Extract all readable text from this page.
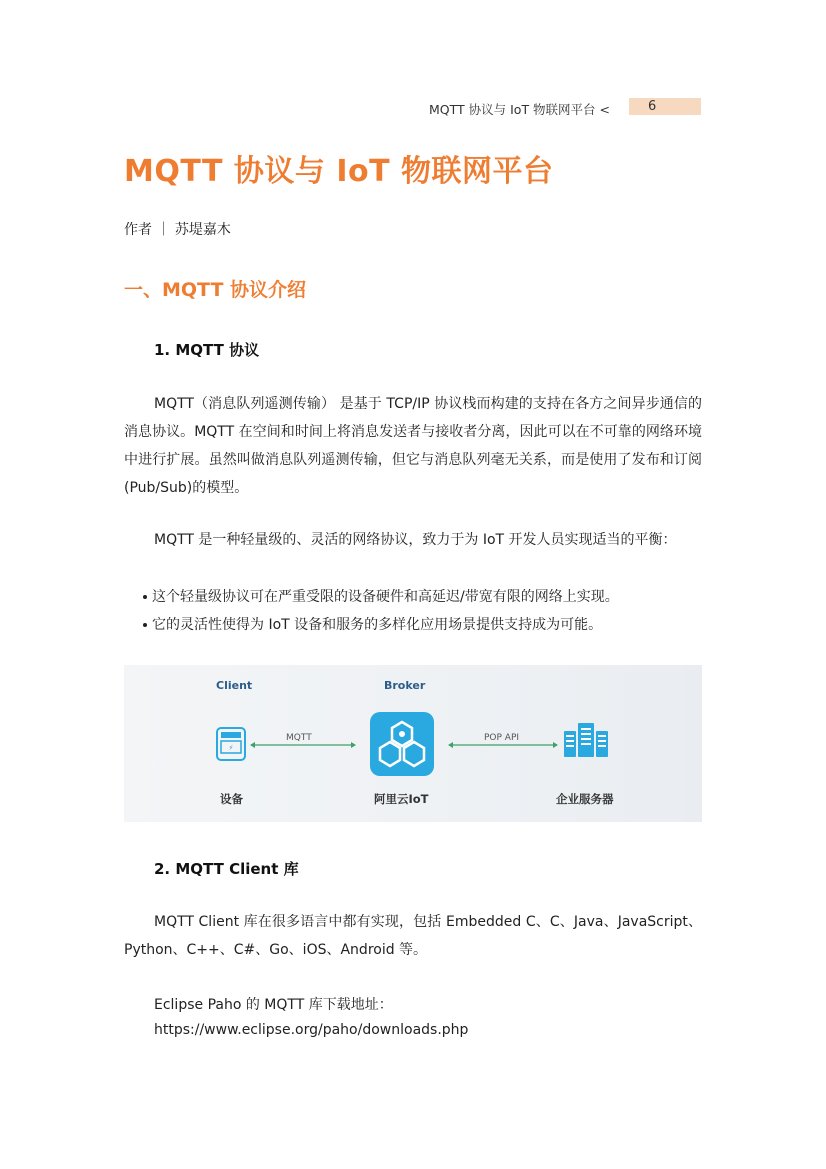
MQTT 协议与 IoT 物联网平台 <	6
MQTT 协议与 IoT 物联网平台
作者 ｜ 苏堤嘉木
一、MQTT 协议介绍
1. MQTT 协议
MQTT（消息队列遥测传输） 是基于 TCP/IP 协议栈而构建的支持在各方之间异步通信的消息协议。MQTT 在空间和时间上将消息发送者与接收者分离，因此可以在不可靠的网络环境中进行扩展。虽然叫做消息队列遥测传输，但它与消息队列毫无关系，而是使用了发布和订阅(Pub/Sub)的模型。
MQTT 是一种轻量级的、灵活的网络协议，致力于为 IoT 开发人员实现适当的平衡：
这个轻量级协议可在严重受限的设备硬件和高延迟/带宽有限的网络上实现。
它的灵活性使得为 IoT 设备和服务的多样化应用场景提供支持成为可能。
Client	Broker
⚡
MQTT	POP API
设备	阿里云IoT	企业服务器
2. MQTT Client 库
MQTT Client 库在很多语言中都有实现，包括 Embedded C、C、Java、JavaScript、Python、C++、C#、Go、iOS、Android 等。
Eclipse Paho 的 MQTT 库下载地址：
https://www.eclipse.org/paho/downloads.php
